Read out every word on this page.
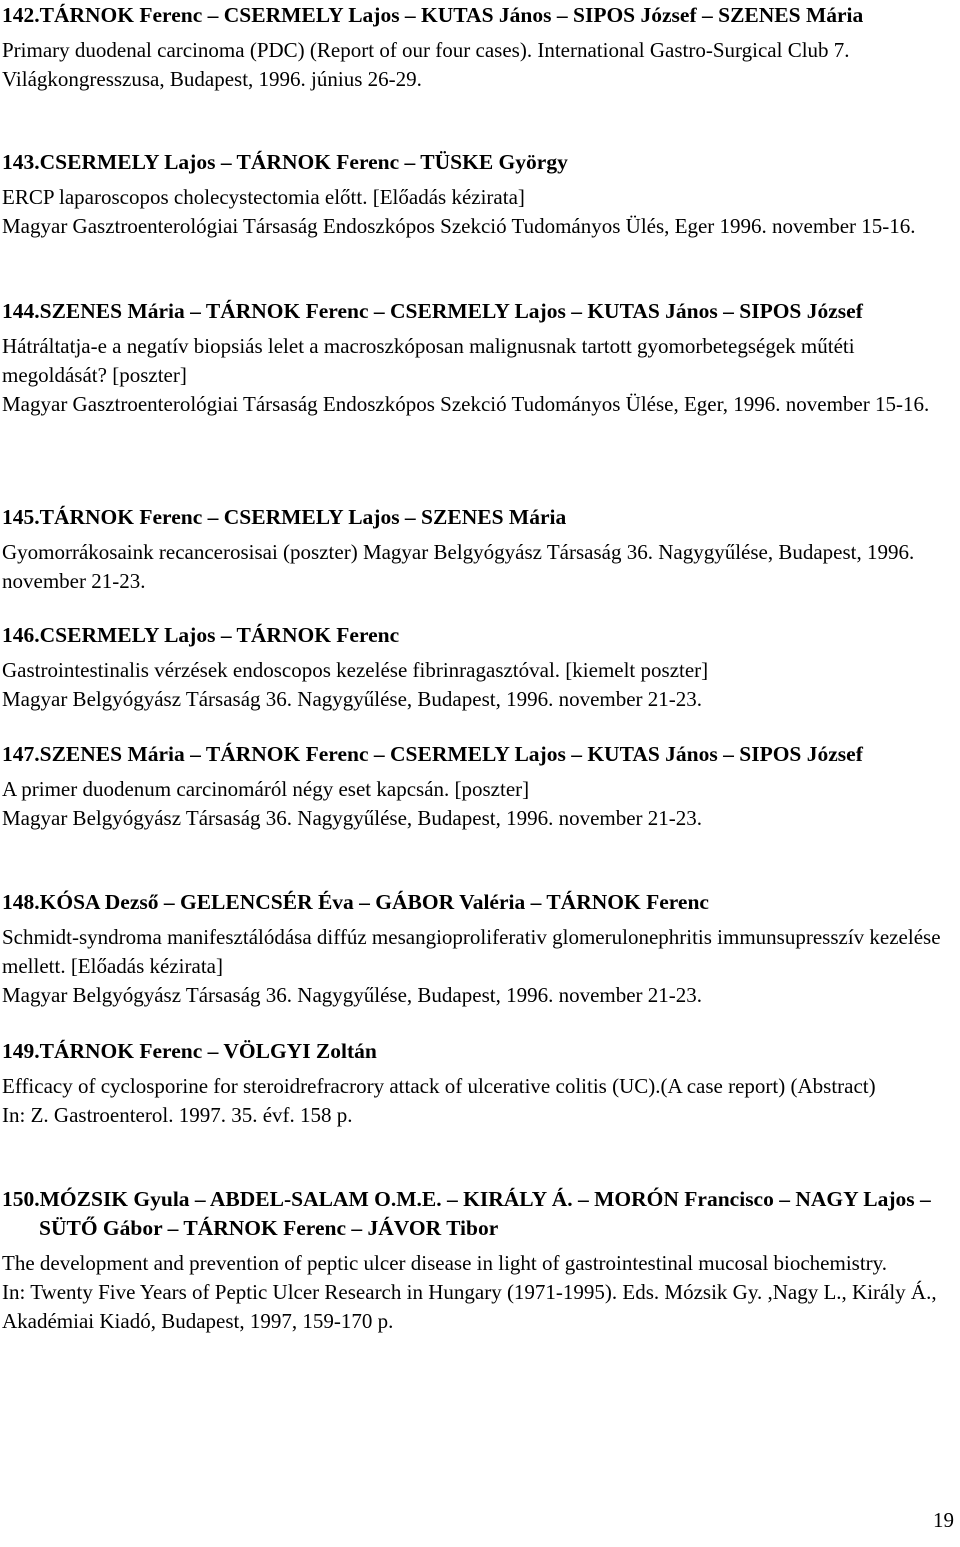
142.TÁRNOK Ferenc – CSERMELY Lajos – KUTAS János – SIPOS József – SZENES Mária

Primary duodenal carcinoma (PDC) (Report of our four cases). International Gastro-Surgical Club 7. Világkongresszusa, Budapest, 1996. június 26-29.

143.CSERMELY Lajos – TÁRNOK Ferenc – TÜSKE György

ERCP laparoscopos cholecystectomia előtt. [Előadás kézirata]

Magyar Gasztroenterológiai Társaság Endoszkópos Szekció Tudományos Ülés, Eger 1996. november 15-16.

144.SZENES Mária – TÁRNOK Ferenc – CSERMELY Lajos – KUTAS János – SIPOS József

Hátráltatja-e a negatív biopsiás lelet a macroszkóposan malignusnak tartott gyomorbetegségek műtéti megoldását? [poszter]

Magyar Gasztroenterológiai Társaság Endoszkópos Szekció Tudományos Ülése, Eger, 1996. november 15-16.

145.TÁRNOK Ferenc – CSERMELY Lajos – SZENES Mária

Gyomorrákosaink recancerosisai (poszter) Magyar Belgyógyász Társaság 36. Nagygyűlése, Budapest, 1996. november 21-23.

146.CSERMELY Lajos – TÁRNOK Ferenc

Gastrointestinalis vérzések endoscopos kezelése fibrinragasztóval. [kiemelt poszter]

Magyar Belgyógyász Társaság 36. Nagygyűlése, Budapest, 1996. november 21-23.

147.SZENES Mária – TÁRNOK Ferenc – CSERMELY Lajos – KUTAS János – SIPOS József

A primer duodenum carcinomáról négy eset kapcsán. [poszter]

Magyar Belgyógyász Társaság 36. Nagygyűlése, Budapest, 1996. november 21-23.

148.KÓSA Dezső – GELENCSÉR Éva – GÁBOR Valéria – TÁRNOK Ferenc

Schmidt-syndroma manifesztálódása diffúz mesangioproliferativ glomerulonephritis immunsupresszív kezelése mellett. [Előadás kézirata]

Magyar Belgyógyász Társaság 36. Nagygyűlése, Budapest, 1996. november 21-23.

149.TÁRNOK Ferenc – VÖLGYI Zoltán

Efficacy of cyclosporine for steroidrefracrory attack of ulcerative colitis (UC).(A case report) (Abstract)

In: Z. Gastroenterol. 1997. 35. évf. 158 p.

150.MÓZSIK Gyula – ABDEL-SALAM O.M.E. – KIRÁLY Á. – MORÓN Francisco – NAGY Lajos – SÜTŐ Gábor – TÁRNOK Ferenc – JÁVOR Tibor

The development and prevention of peptic ulcer disease in light of gastrointestinal mucosal biochemistry.

In: Twenty Five Years of Peptic Ulcer Research in Hungary (1971-1995). Eds. Mózsik Gy. ,Nagy L., Király Á., Akadémiai Kiadó, Budapest, 1997, 159-170 p.

19
